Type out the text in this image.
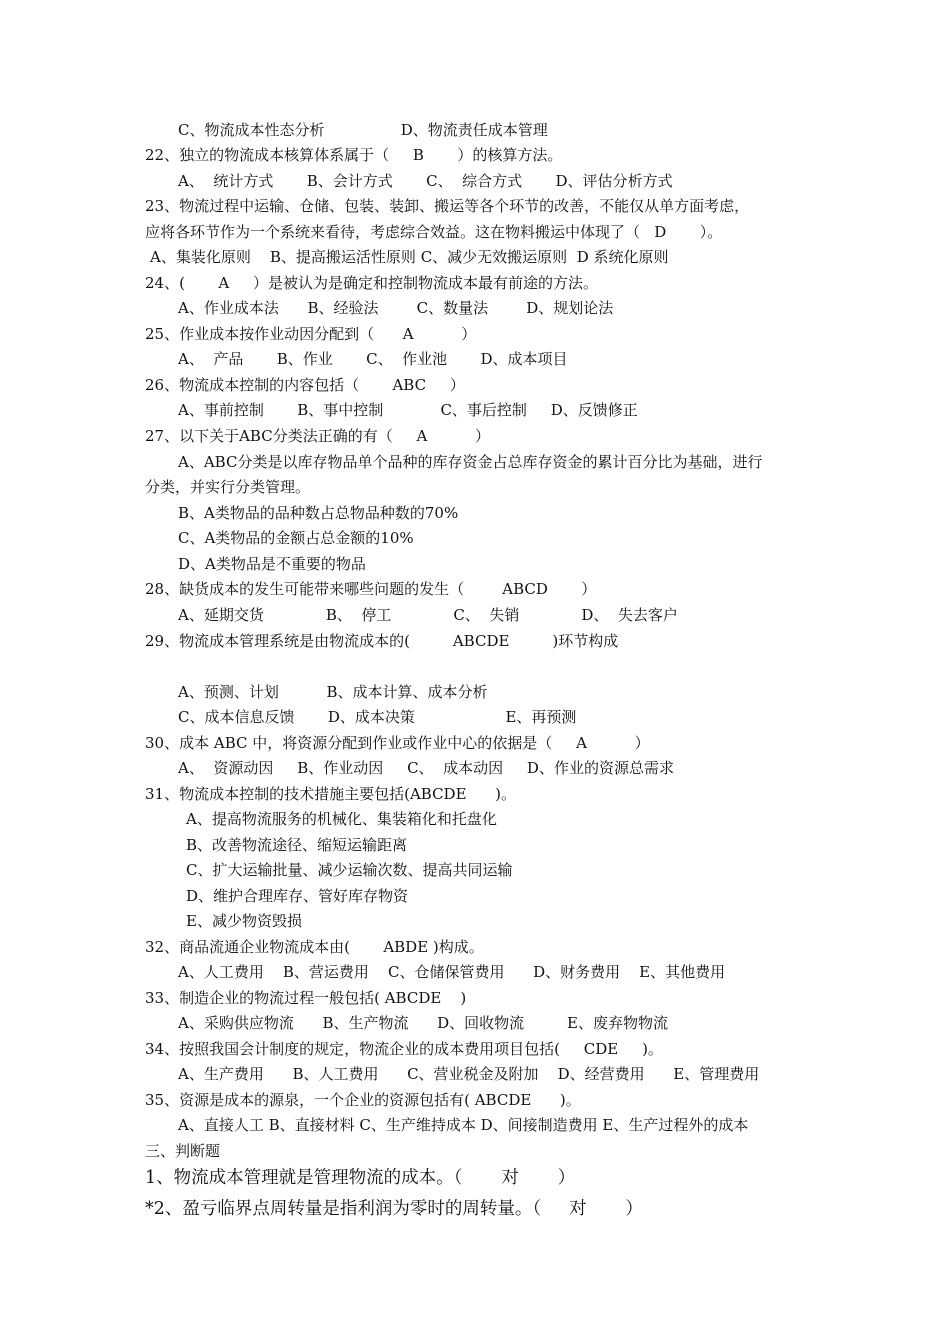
C、物流成本性态分析                D、物流责任成本管理
22、独立的物流成本核算体系属于（     B       ）的核算方法。
A、  统计方式       B、会计方式       C、  综合方式       D、评估分析方式
23、物流过程中运输、仓储、包装、装卸、搬运等各个环节的改善，不能仅从单方面考虑，
应将各环节作为一个系统来看待，考虑综合效益。这在物料搬运中体现了（   D       ）。
A、集装化原则    B、提高搬运活性原则 C、减少无效搬运原则  D 系统化原则
24、(       A     ）是被认为是确定和控制物流成本最有前途的方法。
A、作业成本法      B、经验法        C、数量法        D、规划论法
25、作业成本按作业动因分配到（      A          ）
A、  产品       B、作业       C、  作业池       D、成本项目
26、物流成本控制的内容包括（       ABC     ）
A、事前控制       B、事中控制            C、事后控制     D、反馈修正
27、以下关于ABC分类法正确的有（     A          ）
A、ABC分类是以库存物品单个品种的库存资金占总库存资金的累计百分比为基础，进行
分类，并实行分类管理。
B、A类物品的品种数占总物品种数的70%
C、A类物品的金额占总金额的10%
D、A类物品是不重要的物品
28、缺货成本的发生可能带来哪些问题的发生（        ABCD       ）
A、延期交货             B、  停工             C、  失销             D、  失去客户
29、物流成本管理系统是由物流成本的(         ABCDE         )环节构成
A、预测、计划          B、成本计算、成本分析
C、成本信息反馈       D、成本决策                   E、再预测
30、成本 ABC 中，将资源分配到作业或作业中心的依据是（     A          ）
A、  资源动因     B、作业动因     C、  成本动因     D、作业的资源总需求
31、物流成本控制的技术措施主要包括(ABCDE      )。
A、提高物流服务的机械化、集装箱化和托盘化
B、改善物流途径、缩短运输距离
C、扩大运输批量、减少运输次数、提高共同运输
D、维护合理库存、管好库存物资
E、减少物资毁损
32、商品流通企业物流成本由(       ABDE )构成。
A、人工费用    B、营运费用    C、仓储保管费用      D、财务费用    E、其他费用
33、制造企业的物流过程一般包括( ABCDE    )
A、采购供应物流      B、生产物流      D、回收物流         E、废弃物物流
34、按照我国会计制度的规定，物流企业的成本费用项目包括(     CDE     )。
A、生产费用      B、人工费用      C、营业税金及附加    D、经营费用      E、管理费用
35、资源是成本的源泉，一个企业的资源包括有( ABCDE      )。
A、直接人工 B、直接材料 C、生产维持成本 D、间接制造费用 E、生产过程外的成本
三、判断题
1、物流成本管理就是管理物流的成本。（       对       ）
*2、盈亏临界点周转量是指利润为零时的周转量。（     对       ）
